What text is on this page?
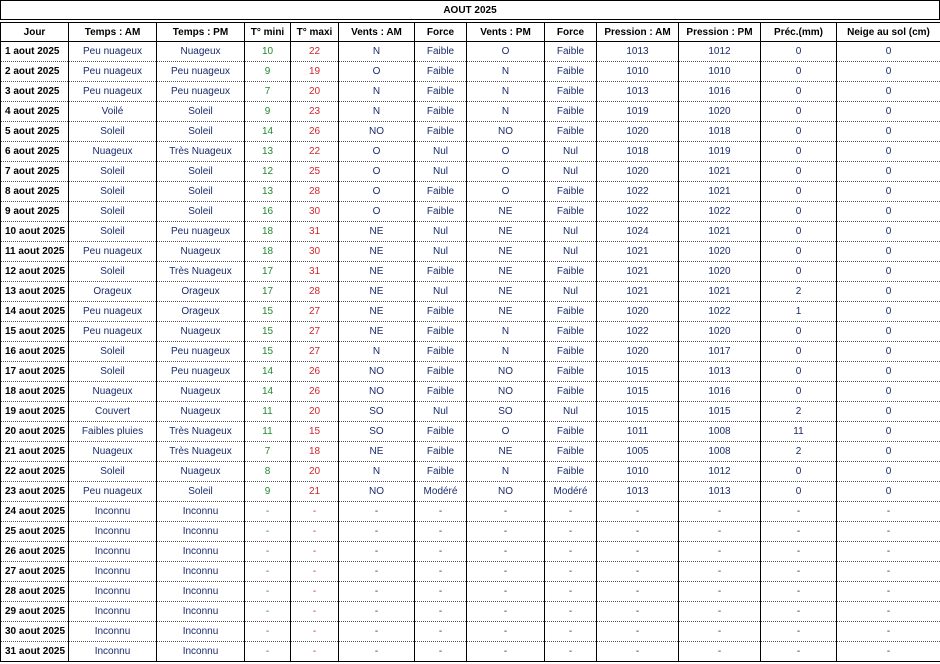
AOUT 2025
Jour	Temps : AM	Temps : PM	T° mini	T° maxi	Vents : AM	Force	Vents : PM	Force	Pression : AM	Pression : PM	Préc.(mm)	Neige au sol (cm)
1 aout 2025	Peu nuageux	Nuageux	10	22	N	Faible	O	Faible	1013	1012	0	0
2 aout 2025	Peu nuageux	Peu nuageux	9	19	O	Faible	N	Faible	1010	1010	0	0
3 aout 2025	Peu nuageux	Peu nuageux	7	20	N	Faible	N	Faible	1013	1016	0	0
4 aout 2025	Voilé	Soleil	9	23	N	Faible	N	Faible	1019	1020	0	0
5 aout 2025	Soleil	Soleil	14	26	NO	Faible	NO	Faible	1020	1018	0	0
6 aout 2025	Nuageux	Très Nuageux	13	22	O	Nul	O	Nul	1018	1019	0	0
7 aout 2025	Soleil	Soleil	12	25	O	Nul	O	Nul	1020	1021	0	0
8 aout 2025	Soleil	Soleil	13	28	O	Faible	O	Faible	1022	1021	0	0
9 aout 2025	Soleil	Soleil	16	30	O	Faible	NE	Faible	1022	1022	0	0
10 aout 2025	Soleil	Peu nuageux	18	31	NE	Nul	NE	Nul	1024	1021	0	0
11 aout 2025	Peu nuageux	Nuageux	18	30	NE	Nul	NE	Nul	1021	1020	0	0
12 aout 2025	Soleil	Très Nuageux	17	31	NE	Faible	NE	Faible	1021	1020	0	0
13 aout 2025	Orageux	Orageux	17	28	NE	Nul	NE	Nul	1021	1021	2	0
14 aout 2025	Peu nuageux	Orageux	15	27	NE	Faible	NE	Faible	1020	1022	1	0
15 aout 2025	Peu nuageux	Nuageux	15	27	NE	Faible	N	Faible	1022	1020	0	0
16 aout 2025	Soleil	Peu nuageux	15	27	N	Faible	N	Faible	1020	1017	0	0
17 aout 2025	Soleil	Peu nuageux	14	26	NO	Faible	NO	Faible	1015	1013	0	0
18 aout 2025	Nuageux	Nuageux	14	26	NO	Faible	NO	Faible	1015	1016	0	0
19 aout 2025	Couvert	Nuageux	11	20	SO	Nul	SO	Nul	1015	1015	2	0
20 aout 2025	Faibles pluies	Très Nuageux	11	15	SO	Faible	O	Faible	1011	1008	11	0
21 aout 2025	Nuageux	Très Nuageux	7	18	NE	Faible	NE	Faible	1005	1008	2	0
22 aout 2025	Soleil	Nuageux	8	20	N	Faible	N	Faible	1010	1012	0	0
23 aout 2025	Peu nuageux	Soleil	9	21	NO	Modéré	NO	Modéré	1013	1013	0	0
24 aout 2025	Inconnu	Inconnu	-	-	-	-	-	-	-	-	-	-
25 aout 2025	Inconnu	Inconnu	-	-	-	-	-	-	-	-	-	-
26 aout 2025	Inconnu	Inconnu	-	-	-	-	-	-	-	-	-	-
27 aout 2025	Inconnu	Inconnu	-	-	-	-	-	-	-	-	-	-
28 aout 2025	Inconnu	Inconnu	-	-	-	-	-	-	-	-	-	-
29 aout 2025	Inconnu	Inconnu	-	-	-	-	-	-	-	-	-	-
30 aout 2025	Inconnu	Inconnu	-	-	-	-	-	-	-	-	-	-
31 aout 2025	Inconnu	Inconnu	-	-	-	-	-	-	-	-	-	-
